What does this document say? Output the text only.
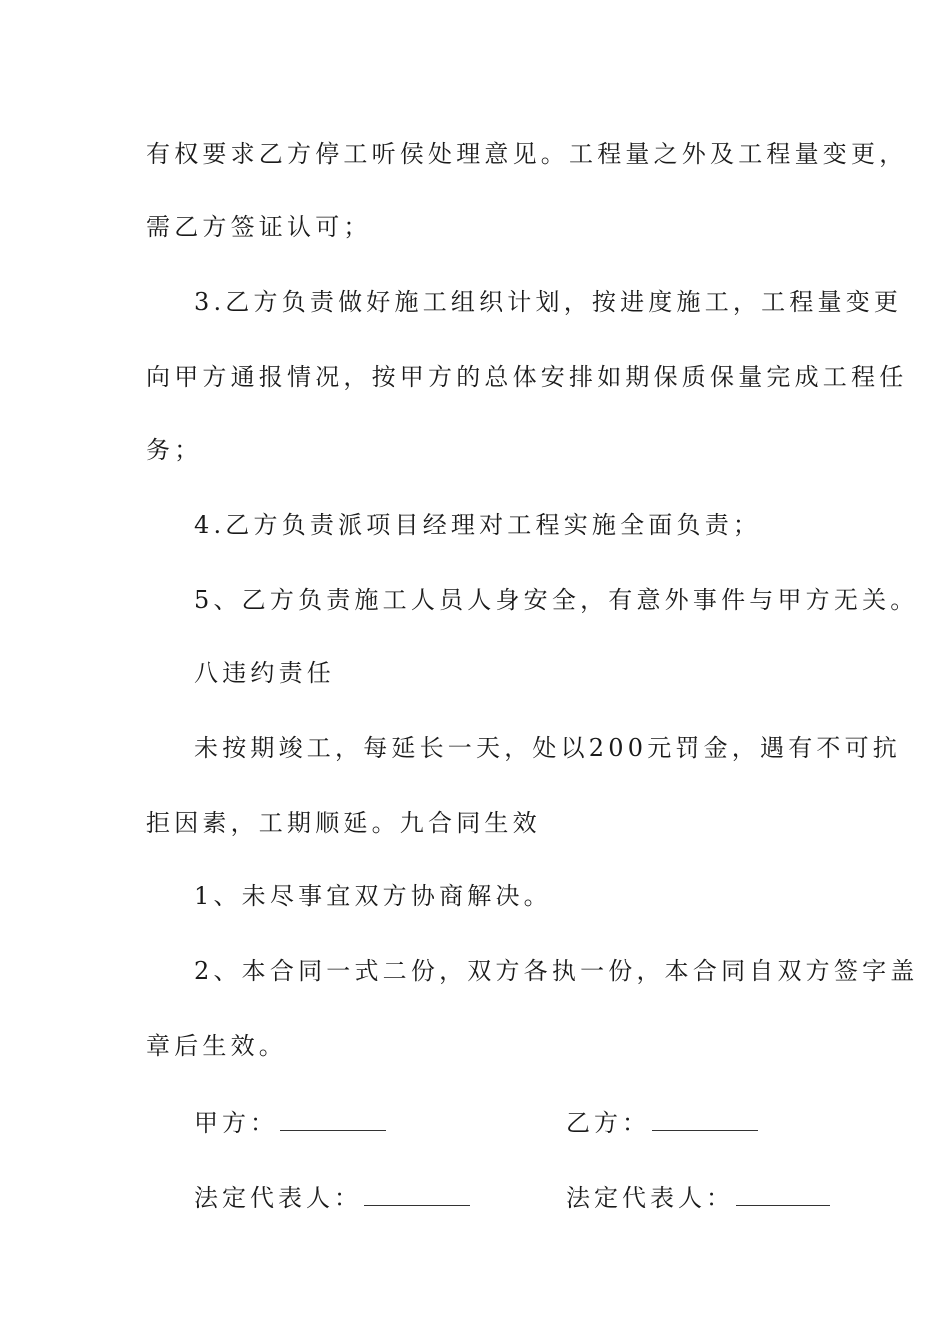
有权要求乙方停工听侯处理意见。工程量之外及工程量变更，
需乙方签证认可；
3.乙方负责做好施工组织计划，按进度施工，工程量变更
向甲方通报情况，按甲方的总体安排如期保质保量完成工程任
务；
4.乙方负责派项目经理对工程实施全面负责；
5、乙方负责施工人员人身安全，有意外事件与甲方无关。
八违约责任
未按期竣工，每延长一天，处以200元罚金，遇有不可抗
拒因素，工期顺延。九合同生效
1、未尽事宜双方协商解决。
2、本合同一式二份，双方各执一份，本合同自双方签字盖
章后生效。
甲方：	乙方：
法定代表人：	法定代表人：
